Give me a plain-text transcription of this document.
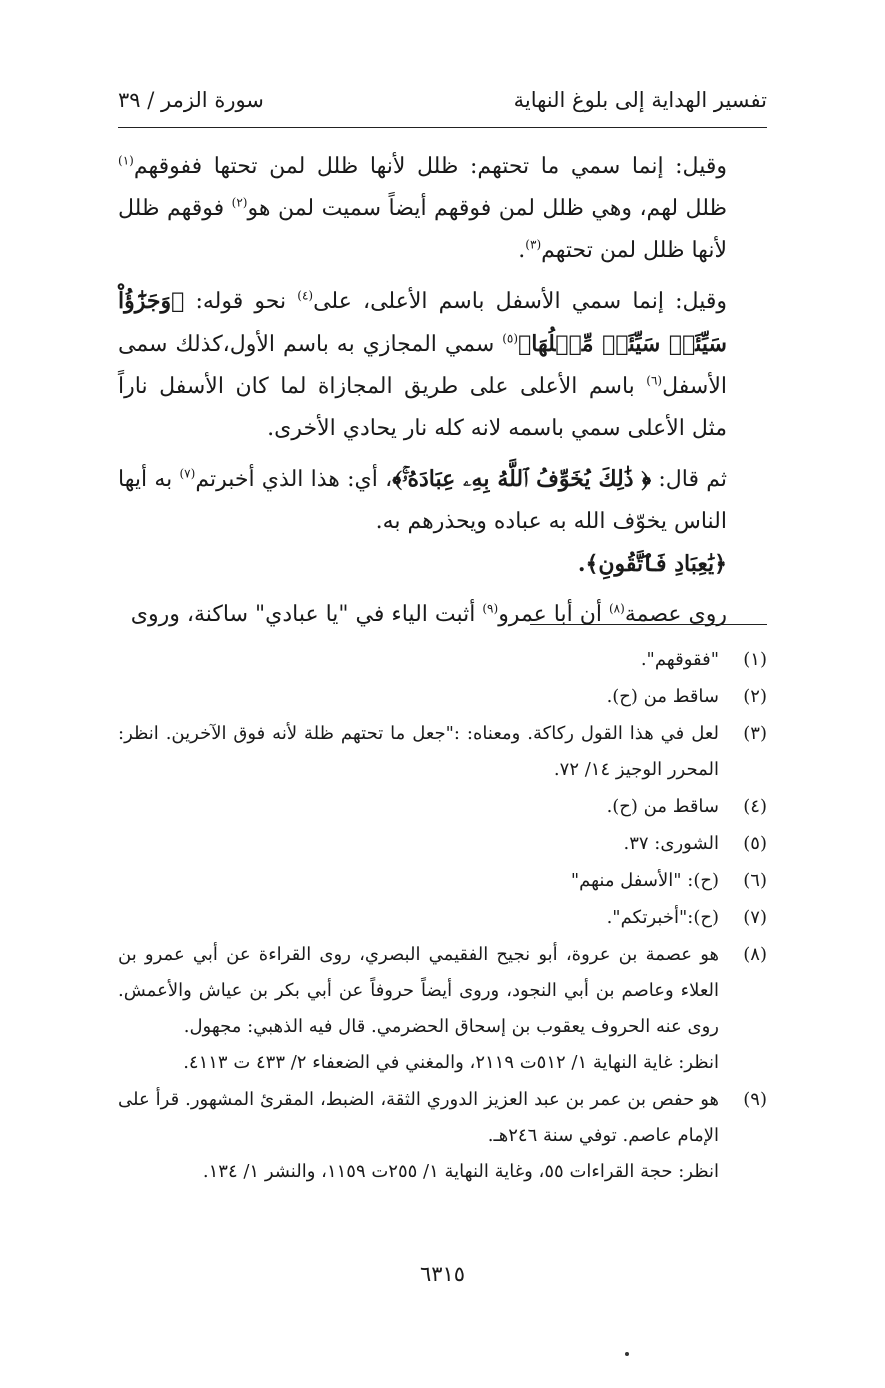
تفسير الهداية إلى بلوغ النهاية
سورة الزمر / ٣٩

وقيل: إنما سمي ما تحتهم: ظلل لأنها ظلل لمن تحتها ففوقهم$^{(١)}$ ظلل لهم، وهي ظلل لمن فوقهم أيضاً سميت لمن هو$^{(٢)}$ فوقهم ظلل لأنها ظلل لمن تحتهم$^{(٣)}$.

وقيل: إنما سمي الأسفل باسم الأعلى، على$^{(٤)}$ نحو قوله: ﴿وَجَزَٰٓؤُاْ سَيِّئَةٖ سَيِّئَةٞ مِّثۡلُهَا﴾$^{(٥)}$ سمي المجازي به باسم الأول،كذلك سمى الأسفل$^{(٦)}$ باسم الأعلى على طريق المجازاة لما كان الأسفل ناراً مثل الأعلى سمي باسمه لانه كله نار يحادي الأخرى.

ثم قال: ﴿ ذَٰلِكَ يُخَوِّفُ ٱللَّهُ بِهِۦ عِبَادَهُۥۚ﴾، أي: هذا الذي أخبرتم$^{(٧)}$ به أيها الناس يخوّف الله به عباده ويحذرهم به.

﴿يَٰعِبَادِ فَٱتَّقُونِ﴾.

روى عصمة$^{(٨)}$ أن أبا عمرو$^{(٩)}$ أثبت الياء في "يا عبادي" ساكنة، وروى

(١)
"فقوقهم".
(٢)
ساقط من (ح).
(٣)
لعل في هذا القول ركاكة. ومعناه: :"جعل ما تحتهم ظلة لأنه فوق الآخرين. انظر: المحرر الوجيز ١٤/ ٧٢.
(٤)
ساقط من (ح).
(٥)
الشورى: ٣٧.
(٦)
(ح): "الأسفل منهم"
(٧)
(ح):"أخبرتكم".
(٨)
هو عصمة بن عروة، أبو نجيح الفقيمي البصري، روى القراءة عن أبي عمرو بن العلاء وعاصم بن أبي النجود، وروى أيضاً حروفاً عن أبي بكر بن عياش والأعمش. روى عنه الحروف يعقوب بن إسحاق الحضرمي. قال فيه الذهبي: مجهول.
انظر: غاية النهاية ١/ ٥١٢ت ٢١١٩، والمغني في الضعفاء ٢/ ٤٣٣ ت ٤١١٣.
(٩)
هو حفص بن عمر بن عبد العزيز الدوري الثقة، الضبط، المقرئ المشهور. قرأ على الإمام عاصم. توفي سنة ٢٤٦هـ.
انظر: حجة القراءات ٥٥، وغاية النهاية ١/ ٢٥٥ت ١١٥٩، والنشر ١/ ١٣٤.
٦٣١٥
